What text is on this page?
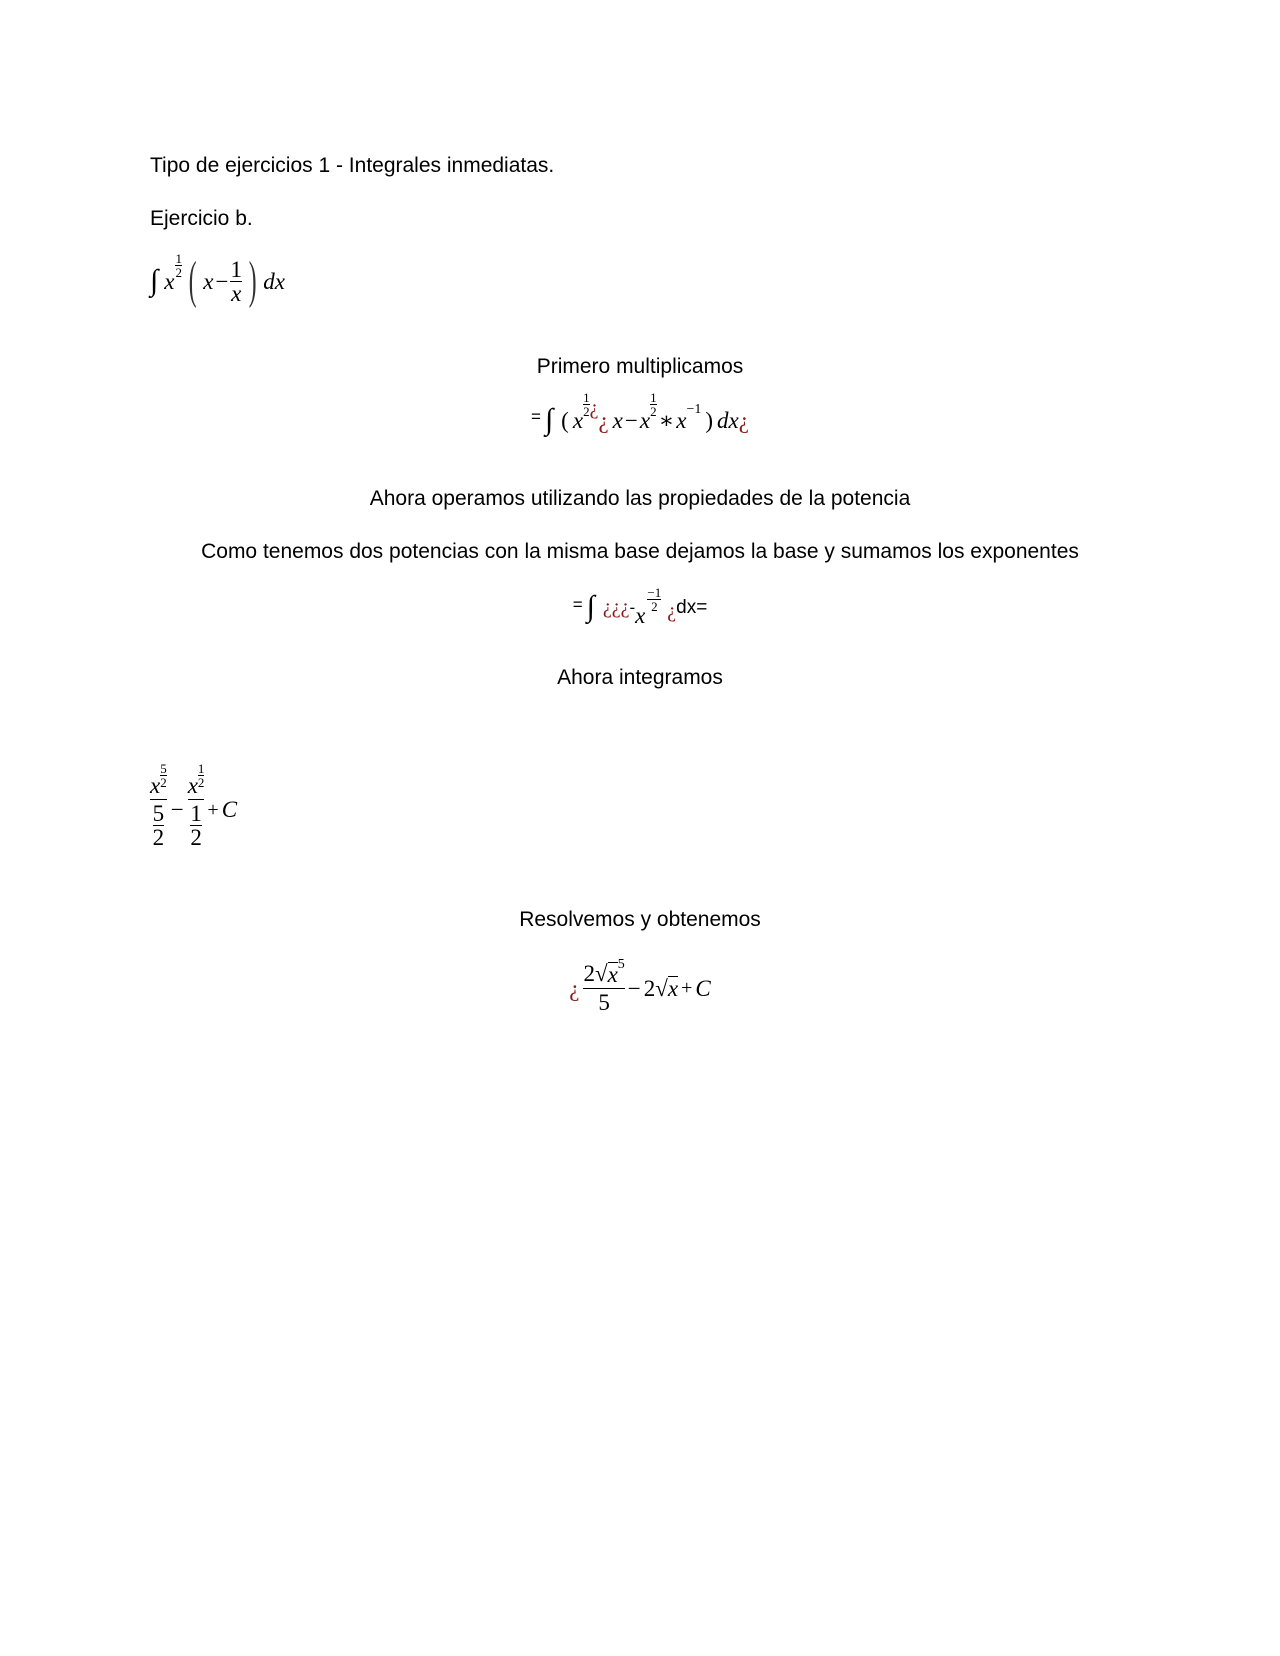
Tipo de ejercicios 1 - Integrales inmediatas.
Ejercicio b.
∫ x
1
2 ( $x - \frac{1}{x}$ ) dx
Primero multiplicamos
= ∫ ( x
1
2 ¿ ¿ x − x
1
2 ∗ x −1 ) dx ¿
Ahora operamos utilizando las propiedades de la potencia
Como tenemos dos potencias con la misma base dejamos la base y sumamos los exponentes
= ∫ ¿¿¿ - x
−1
2 ¿ dx=
Ahora integramos
x
5
2
$\frac{5}{2} - x$
1
2
$\frac{1}{2} + C$
Resolvemos y obtenemos
¿ $\frac{2 √ x 5}{5} - 2$ √ x + C
